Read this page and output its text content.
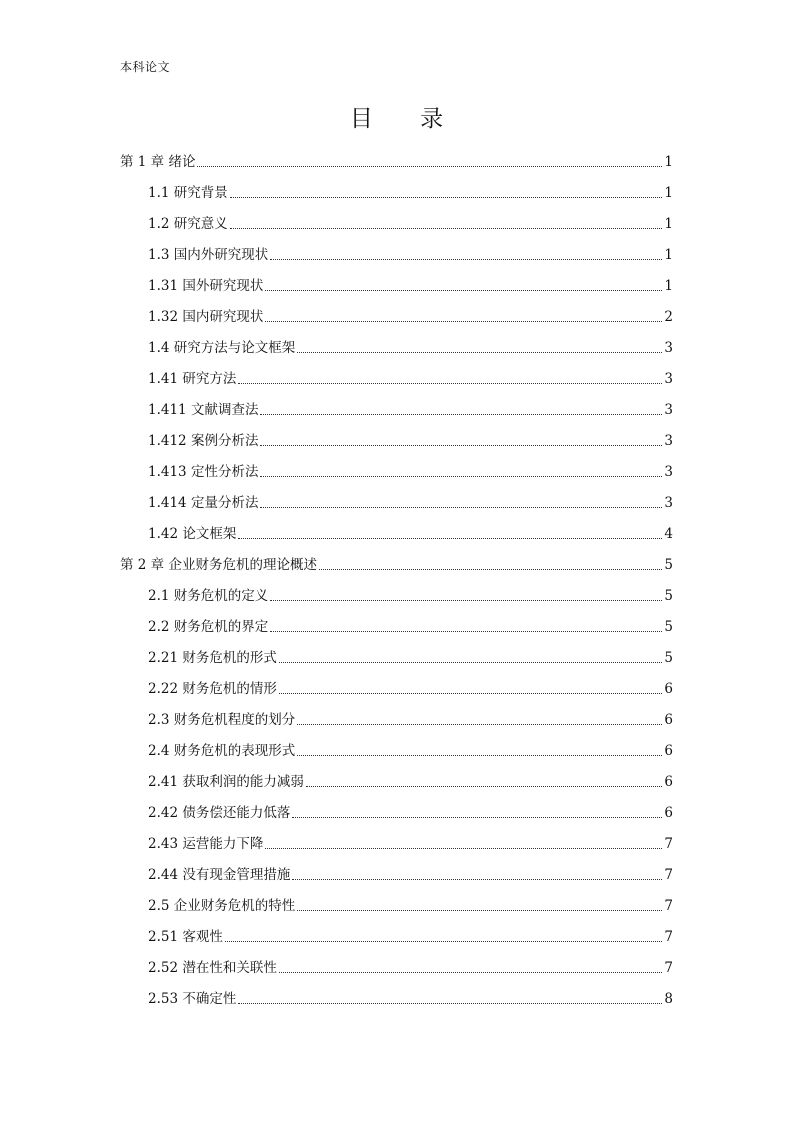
本科论文
目 录
第 1 章 绪论	1
1.1 研究背景	1
1.2 研究意义	1
1.3 国内外研究现状	1
1.31 国外研究现状	1
1.32 国内研究现状	2
1.4 研究方法与论文框架	3
1.41 研究方法	3
1.411 文献调查法	3
1.412 案例分析法	3
1.413 定性分析法	3
1.414 定量分析法	3
1.42 论文框架	4
第 2 章 企业财务危机的理论概述	5
2.1 财务危机的定义	5
2.2 财务危机的界定	5
2.21 财务危机的形式	5
2.22 财务危机的情形	6
2.3 财务危机程度的划分	6
2.4 财务危机的表现形式	6
2.41 获取利润的能力减弱	6
2.42 债务偿还能力低落	6
2.43 运营能力下降	7
2.44 没有现金管理措施	7
2.5 企业财务危机的特性	7
2.51 客观性	7
2.52 潜在性和关联性	7
2.53 不确定性	8
